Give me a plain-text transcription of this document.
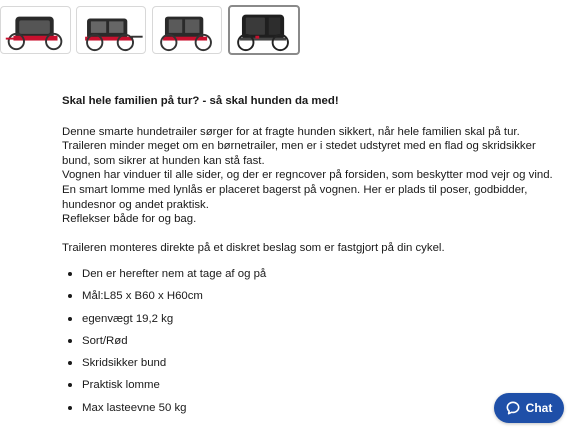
Skal hele familien på tur? - så skal hunden da med!

Denne smarte hundetrailer sørger for at fragte hunden sikkert, når hele familien skal på tur. Traileren minder meget om en børnetrailer, men er i stedet udstyret med en flad og skridsikker bund, som sikrer at hunden kan stå fast.

Vognen har vinduer til alle sider, og der er regncover på forsiden, som beskytter mod vejr og vind.

En smart lomme med lynlås er placeret bagerst på vognen. Her er plads til poser, godbidder, hundesnor og andet praktisk.

Reflekser både for og bag.

Traileren monteres direkte på et diskret beslag som er fastgjort på din cykel.

Den er herefter nem at tage af og på
Mål:L85 x B60 x H60cm
egenvægt 19,2 kg
Sort/Rød
Skridsikker bund
Praktisk lomme
Max lasteevne 50 kg	Chat
